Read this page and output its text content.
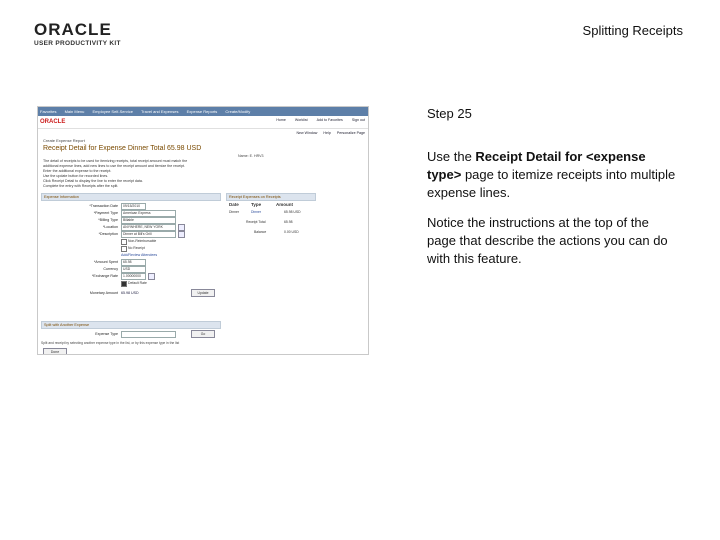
ORACLE
USER PRODUCTIVITY KIT
Splitting Receipts
Favorites Main Menu Employee Self-Service Travel and Expenses Expense Reports Create/Modify
ORACLE	Home	Worklist	Add to Favorites	Sign out
New Window Help Personalize Page
Create Expense Report
Receipt Detail for Expense Dinner Total 65.98 USD
Name: E. HRV3
The detail of receipts to be used for itemizing receipts, total receipt amount must match the
additional expense lines, add new lines to use the receipt amount and itemize the receipt.
Enter the additional expense to the receipt.
Use the update button for recorded lines.
Click Receipt Detail to display the line to enter the receipt data.
Complete the entry with Receipts after the split.
Expense Information
*Transaction Date	09/15/2010
*Payment Type	American Express
*Billing Type	Billable
*Location	ANYWHERE, NEW YORK
*Description	Dinner at Bill's Grill
Non-Reimbursable
No Receipt
Add/Review Attendees
*Amount Spent	65.98
Currency	USD
*Exchange Rate	1.00000000
Default Rate
Monetary Amount 65.98 USD	Update
Receipt Expenses on Receipts
Date	Type	Amount
Dinner	Dinner	65.98 USD
Receipt Total	65.98
Balance	0.00 USD
Split with Another Expense
Expense Type	Go
Split and receipt by selecting another expense type in the list, or by this expense type in the list
Done
Step 25
Use the Receipt Detail for <expense type> page to itemize receipts into multiple expense lines.
Notice the instructions at the top of the page that describe the actions you can do with this feature.
